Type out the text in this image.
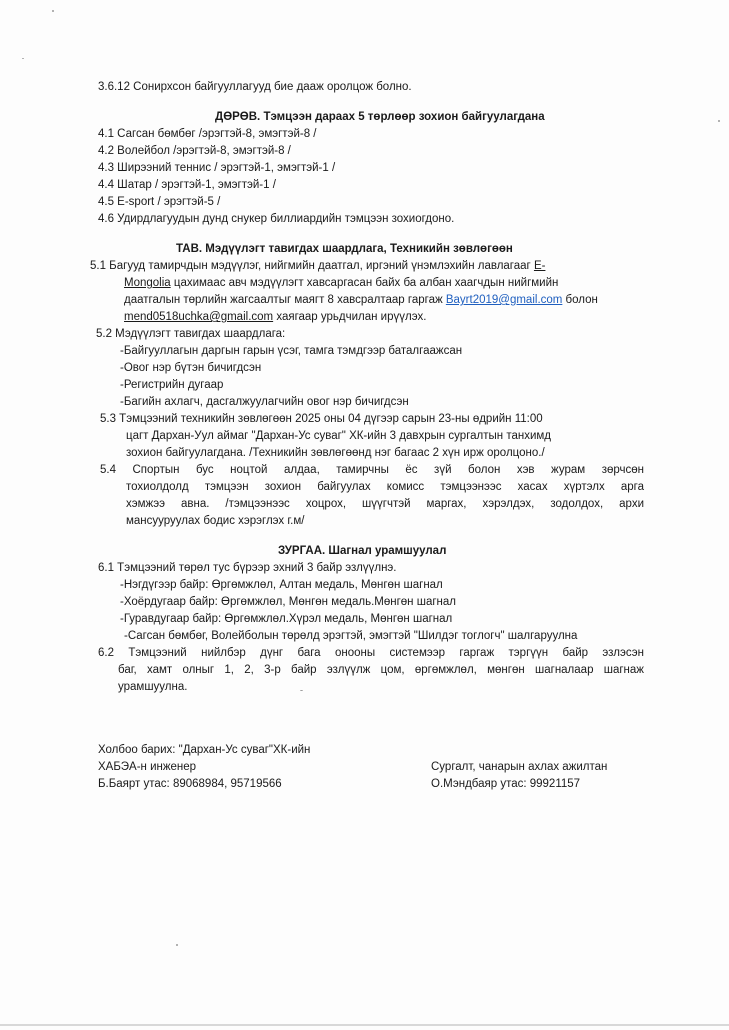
3.6.12 Сонирхсон байгууллагууд бие дааж оролцож болно.
ДӨРӨВ. Тэмцээн дараах 5 төрлөөр зохион байгуулагдана
4.1 Сагсан бөмбөг /эрэгтэй-8, эмэгтэй-8 /
4.2 Волейбол /эрэгтэй-8, эмэгтэй-8 /
4.3 Ширээний теннис / эрэгтэй-1, эмэгтэй-1 /
4.4 Шатар / эрэгтэй-1, эмэгтэй-1 /
4.5 E-sport / эрэгтэй-5 /
4.6 Удирдлагуудын дунд снукер биллиардийн тэмцээн зохиогдоно.
ТАВ. Мэдүүлэгт тавигдах шаардлага, Техникийн зөвлөгөөн
5.1 Багууд тамирчдын мэдүүлэг, нийгмийн даатгал, иргэний үнэмлэхийн лавлагааг E-
Mongolia цахимаас авч мэдүүлэгт хавсаргасан байх ба албан хаагчдын нийгмийн
даатгалын төрлийн жагсаалтыг маягт 8 хавсралтаар гаргаж Bayrt2019@gmail.com болон
mend0518uchka@gmail.com хаягаар урьдчилан ирүүлэх.
5.2 Мэдүүлэгт тавигдах шаардлага:
-Байгууллагын даргын гарын үсэг, тамга тэмдгээр баталгаажсан
-Овог нэр бүтэн бичигдсэн
-Регистрийн дугаар
-Багийн ахлагч, дасгалжуулагчийн овог нэр бичигдсэн
5.3 Тэмцээний техникийн зөвлөгөөн 2025 оны 04 дүгээр сарын 23-ны өдрийн 11:00
цагт Дархан-Уул аймаг "Дархан-Ус суваг" ХК-ийн 3 давхрын сургалтын танхимд
зохион байгуулагдана. /Техникийн зөвлөгөөнд нэг багаас 2 хүн ирж оролцоно./
5.4 Спортын бус ноцтой алдаа, тамирчны ёс зүй болон хэв журам зөрчсөн
тохиолдолд тэмцээн зохион байгуулах комисс тэмцээнээс хасах хүртэлх арга
хэмжээ авна. /тэмцээнээс хоцрох, шүүгчтэй маргах, хэрэлдэх, зодолдох, архи
мансууруулах бодис хэрэглэх г.м/
ЗУРГАА. Шагнал урамшуулал
6.1 Тэмцээний төрөл тус бүрээр эхний 3 байр эзлүүлнэ.
-Нэгдүгээр байр: Өргөмжлөл, Алтан медаль, Мөнгөн шагнал
-Хоёрдугаар байр: Өргөмжлөл, Мөнгөн медаль.Мөнгөн шагнал
-Гуравдугаар байр: Өргөмжлөл.Хүрэл медаль, Мөнгөн шагнал
-Сагсан бөмбөг, Волейболын төрөлд эрэгтэй, эмэгтэй "Шилдэг тоглогч" шалгаруулна
6.2 Тэмцээний нийлбэр дүнг бага онооны системээр гаргаж тэргүүн байр эзлэсэн
баг, хамт олныг 1, 2, 3-р байр эзлүүлж цом, өргөмжлөл, мөнгөн шагналаар шагнаж
урамшуулна.
Холбоо барих: "Дархан-Ус суваг"ХК-ийн
ХАБЭА-н инженер
Б.Баярт утас: 89068984, 95719566
Сургалт, чанарын ахлах ажилтан
О.Мэндбаяр утас: 99921157
